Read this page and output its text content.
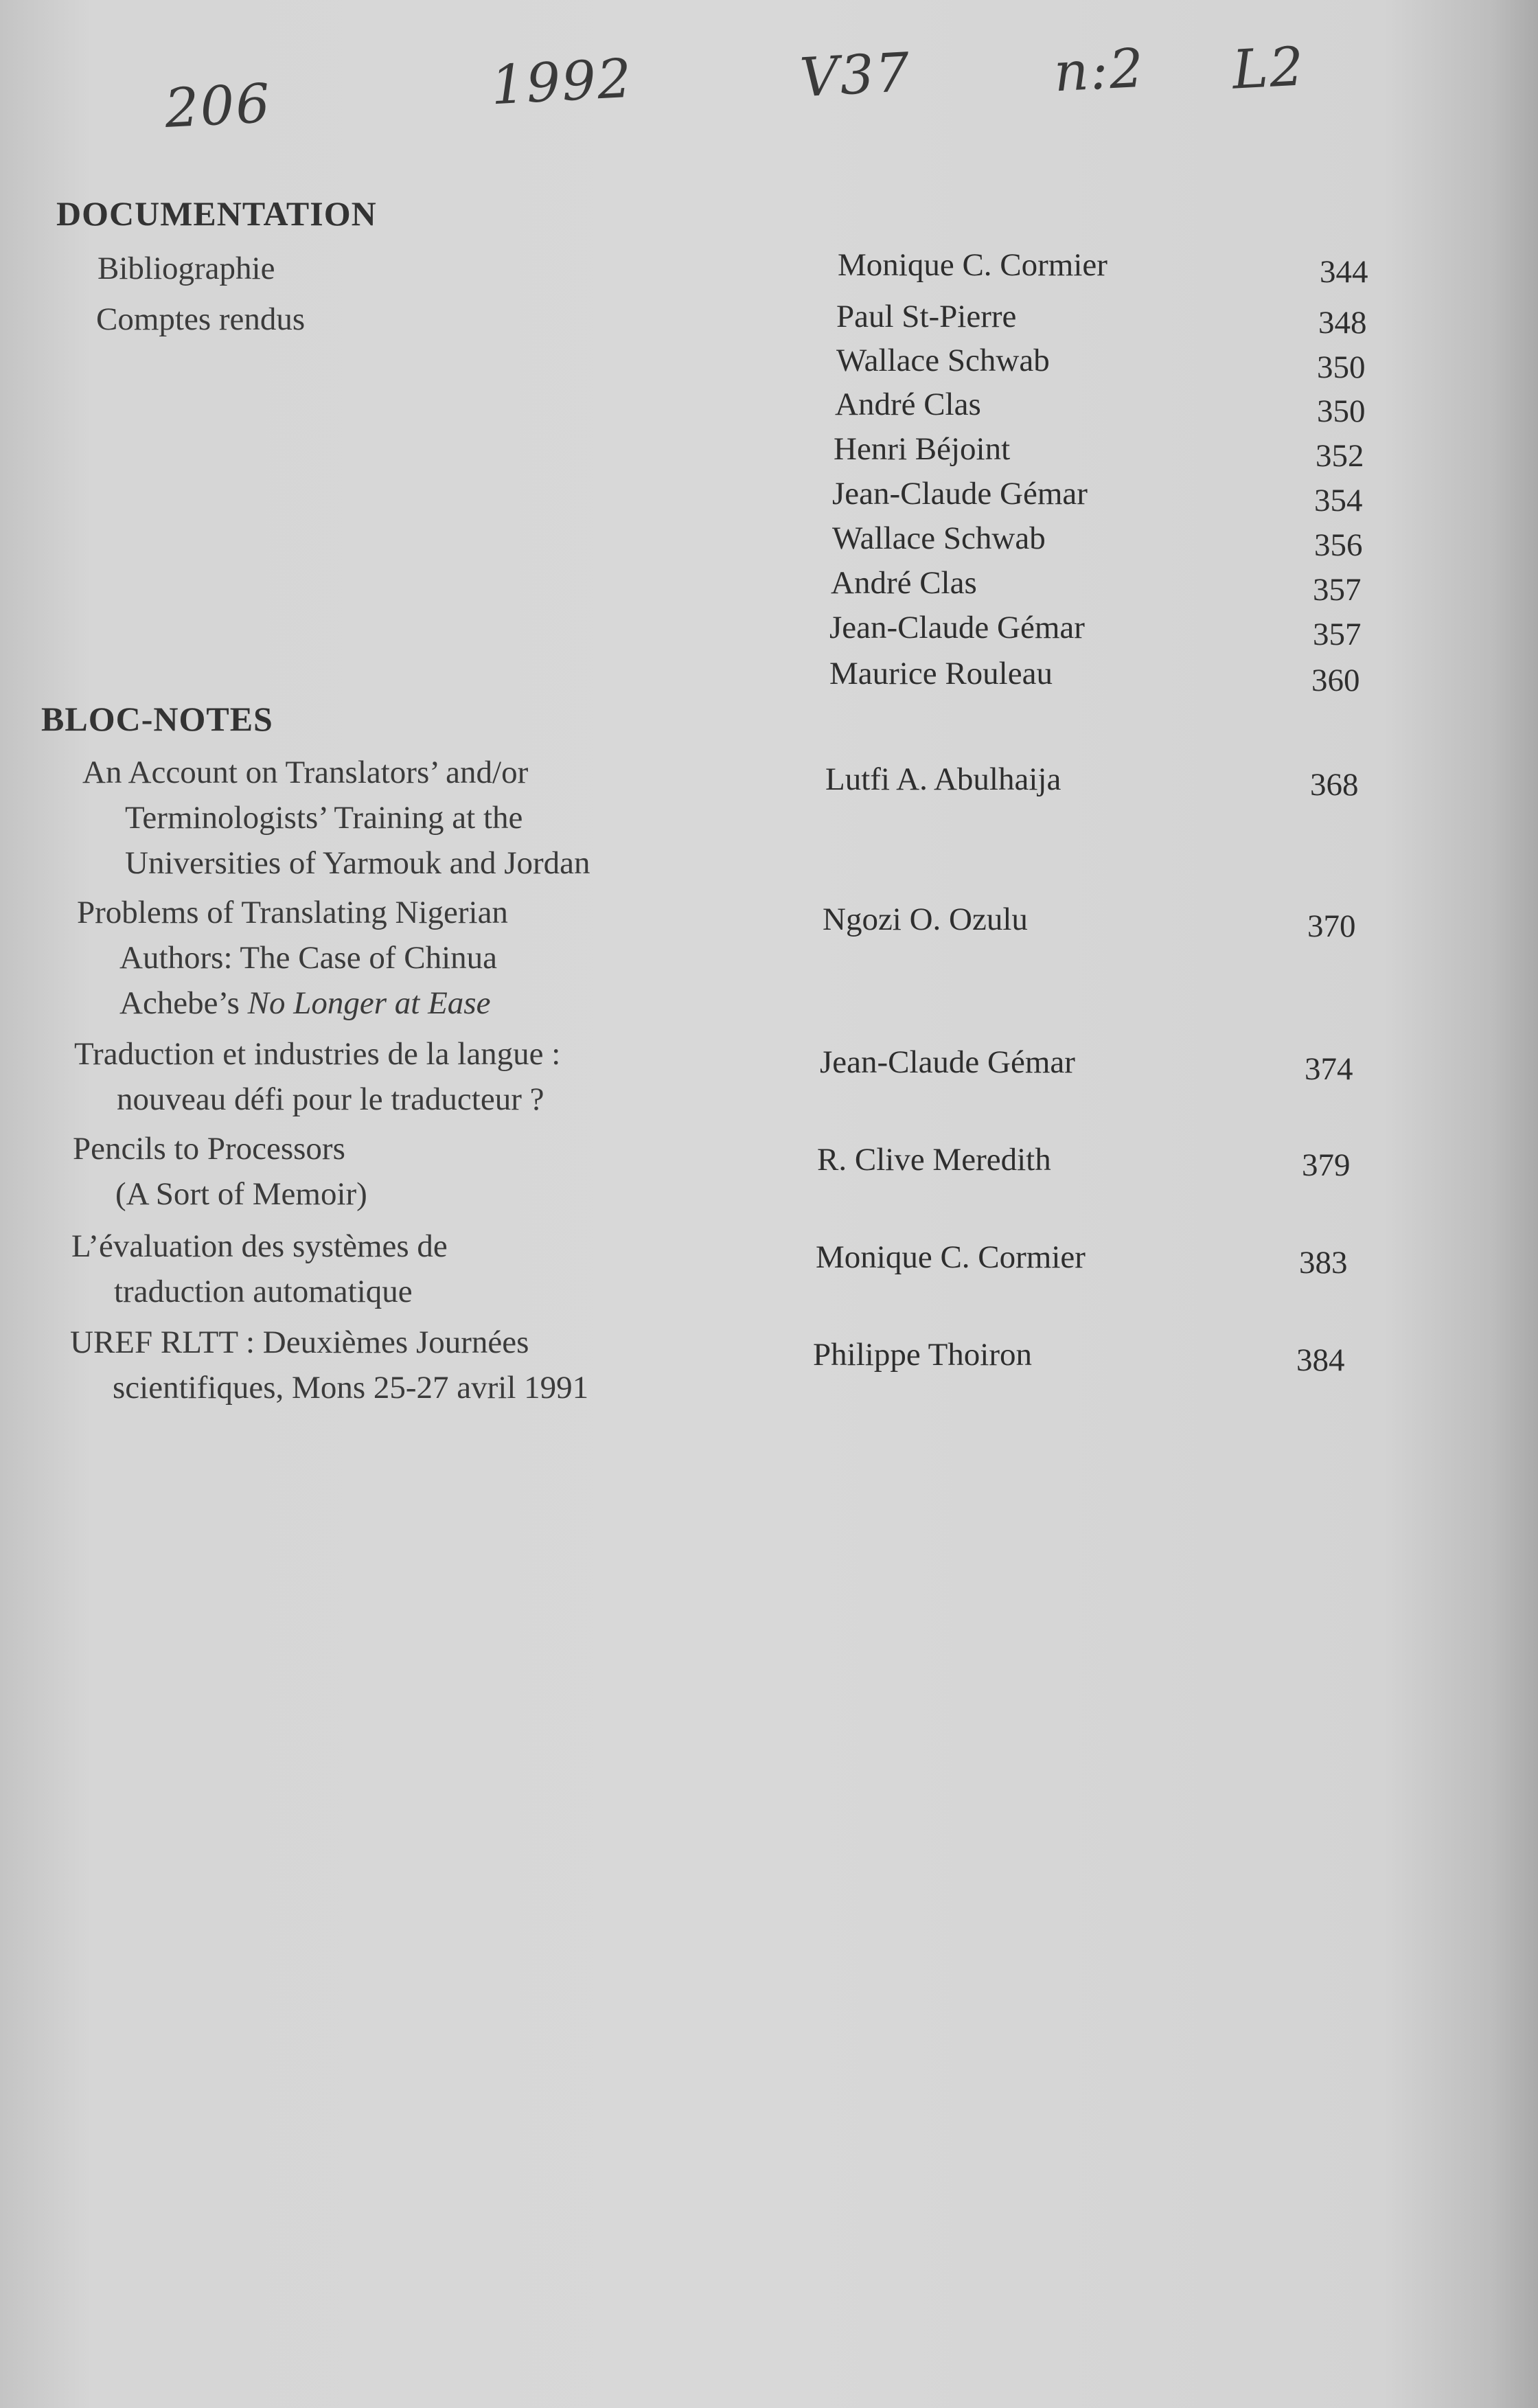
206	1992	V37	n:2 L2
DOCUMENTATION
Bibliographie	Monique C. Cormier	344
Comptes rendus	Paul St-Pierre	348
Wallace Schwab	350
André Clas	350
Henri Béjoint	352
Jean-Claude Gémar	354
Wallace Schwab	356
André Clas	357
Jean-Claude Gémar	357
Maurice Rouleau	360
BLOC-NOTES
An Account on Translators’ and/or
Terminologists’ Training at the
Universities of Yarmouk and Jordan
Lutfi A. Abulhaija	368
Problems of Translating Nigerian
Authors: The Case of Chinua
Achebe’s No Longer at Ease
Ngozi O. Ozulu	370
Traduction et industries de la langue :
nouveau défi pour le traducteur ?
Jean-Claude Gémar	374
Pencils to Processors
(A Sort of Memoir)
R. Clive Meredith	379
L’évaluation des systèmes de
traduction automatique
Monique C. Cormier	383
UREF RLTT : Deuxièmes Journées
scientifiques, Mons 25-27 avril 1991
Philippe Thoiron	384
